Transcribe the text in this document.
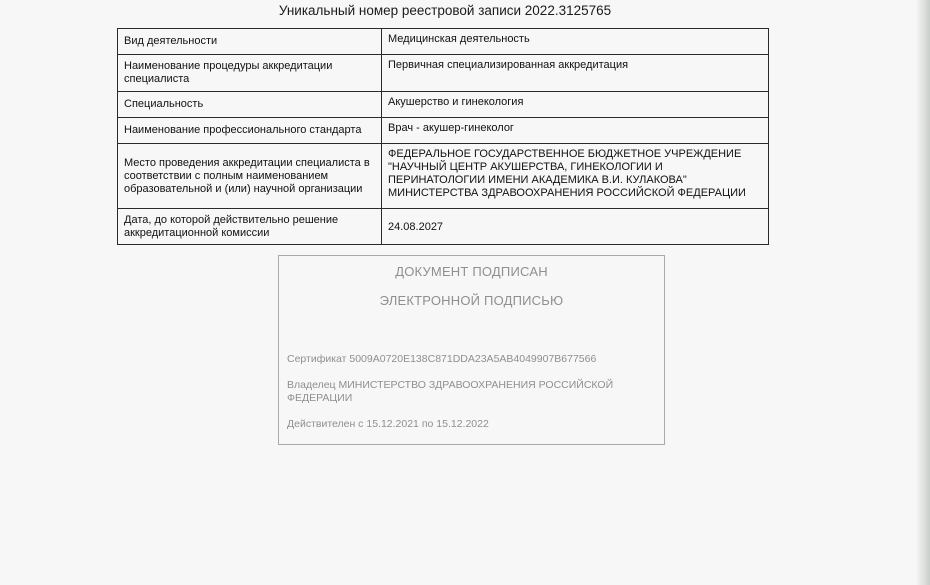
Уникальный номер реестровой записи 2022.3125765
Вид деятельности	Медицинская деятельность
Наименование процедуры аккредитации специалиста	Первичная специализированная аккредитация
Специальность	Акушерство и гинекология
Наименование профессионального стандарта	Врач - акушер-гинеколог
Место проведения аккредитации специалиста в соответствии с полным наименованием образовательной и (или) научной организации	ФЕДЕРАЛЬНОЕ ГОСУДАРСТВЕННОЕ БЮДЖЕТНОЕ УЧРЕЖДЕНИЕ "НАУЧНЫЙ ЦЕНТР АКУШЕРСТВА, ГИНЕКОЛОГИИ И ПЕРИНАТОЛОГИИ ИМЕНИ АКАДЕМИКА В.И. КУЛАКОВА" МИНИСТЕРСТВА ЗДРАВООХРАНЕНИЯ РОССИЙСКОЙ ФЕДЕРАЦИИ
Дата, до которой действительно решение аккредитационной комиссии	24.08.2027
ДОКУМЕНТ ПОДПИСАН
ЭЛЕКТРОННОЙ ПОДПИСЬЮ
Сертификат 5009A0720E138C871DDA23A5AB4049907B677566
Владелец МИНИСТЕРСТВО ЗДРАВООХРАНЕНИЯ РОССИЙСКОЙ ФЕДЕРАЦИИ
Действителен с 15.12.2021 по 15.12.2022
